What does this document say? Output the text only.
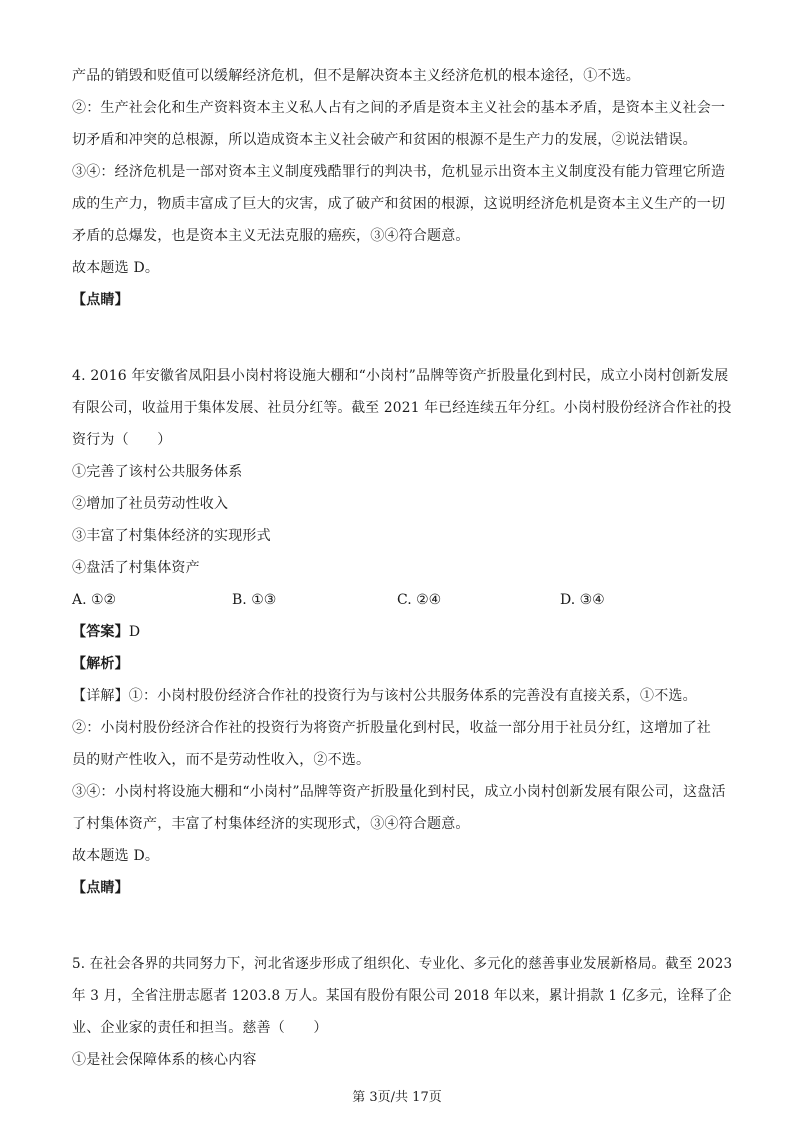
产品的销毁和贬值可以缓解经济危机，但不是解决资本主义经济危机的根本途径，①不选。
②：生产社会化和生产资料资本主义私人占有之间的矛盾是资本主义社会的基本矛盾，是资本主义社会一
切矛盾和冲突的总根源，所以造成资本主义社会破产和贫困的根源不是生产力的发展，②说法错误。
③④：经济危机是一部对资本主义制度残酷罪行的判决书，危机显示出资本主义制度没有能力管理它所造
成的生产力，物质丰富成了巨大的灾害，成了破产和贫困的根源，这说明经济危机是资本主义生产的一切
矛盾的总爆发，也是资本主义无法克服的癌疾，③④符合题意。
故本题选 D。
【点睛】
4. 2016 年安徽省凤阳县小岗村将设施大棚和“小岗村”品牌等资产折股量化到村民，成立小岗村创新发展
有限公司，收益用于集体发展、社员分红等。截至 2021 年已经连续五年分红。小岗村股份经济合作社的投
资行为（　　）
①完善了该村公共服务体系
②增加了社员劳动性收入
③丰富了村集体经济的实现形式
④盘活了村集体资产
A. ①②	B. ①③	C. ②④	D. ③④
【答案】D
【解析】
【详解】①：小岗村股份经济合作社的投资行为与该村公共服务体系的完善没有直接关系，①不选。
②：小岗村股份经济合作社的投资行为将资产折股量化到村民，收益一部分用于社员分红，这增加了社
员的财产性收入，而不是劳动性收入，②不选。
③④：小岗村将设施大棚和“小岗村”品牌等资产折股量化到村民，成立小岗村创新发展有限公司，这盘活
了村集体资产，丰富了村集体经济的实现形式，③④符合题意。
故本题选 D。
【点睛】
5. 在社会各界的共同努力下，河北省逐步形成了组织化、专业化、多元化的慈善事业发展新格局。截至 2023
年 3 月，全省注册志愿者 1203.8 万人。某国有股份有限公司 2018 年以来，累计捐款 1 亿多元，诠释了企
业、企业家的责任和担当。慈善（　　）
①是社会保障体系的核心内容
第 3页/共 17页
